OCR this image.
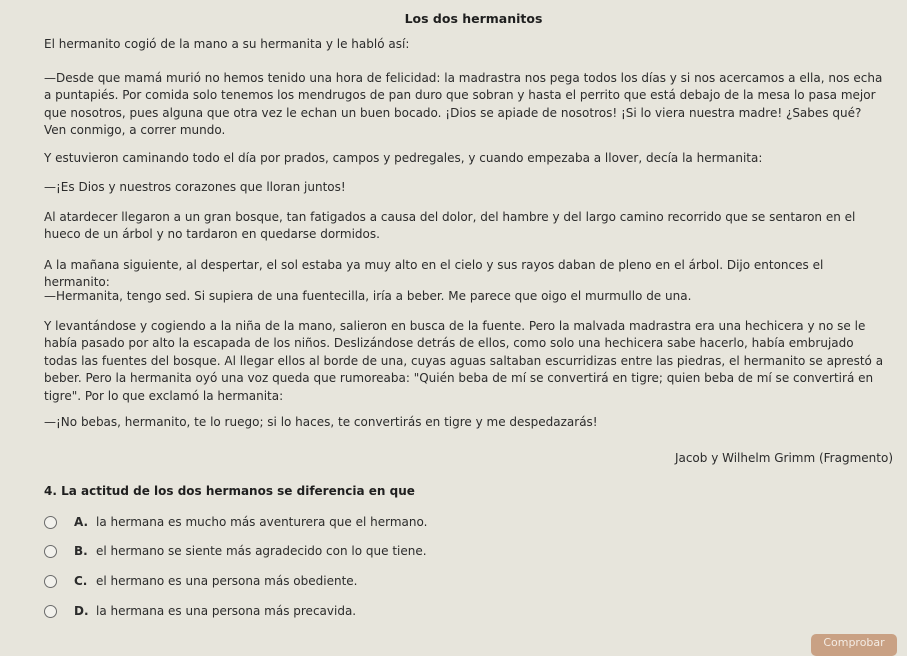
Los dos hermanitos

El hermanito cogió de la mano a su hermanita y le habló así:

—Desde que mamá murió no hemos tenido una hora de felicidad: la madrastra nos pega todos los días y si nos acercamos a ella, nos echa a puntapiés. Por comida solo tenemos los mendrugos de pan duro que sobran y hasta el perrito que está debajo de la mesa lo pasa mejor que nosotros, pues alguna que otra vez le echan un buen bocado. ¡Dios se apiade de nosotros! ¡Si lo viera nuestra madre! ¿Sabes qué? Ven conmigo, a correr mundo.

Y estuvieron caminando todo el día por prados, campos y pedregales, y cuando empezaba a llover, decía la hermanita:

—¡Es Dios y nuestros corazones que lloran juntos!

Al atardecer llegaron a un gran bosque, tan fatigados a causa del dolor, del hambre y del largo camino recorrido que se sentaron en el hueco de un árbol y no tardaron en quedarse dormidos.

A la mañana siguiente, al despertar, el sol estaba ya muy alto en el cielo y sus rayos daban de pleno en el árbol. Dijo entonces el hermanito:

—Hermanita, tengo sed. Si supiera de una fuentecilla, iría a beber. Me parece que oigo el murmullo de una.

Y levantándose y cogiendo a la niña de la mano, salieron en busca de la fuente. Pero la malvada madrastra era una hechicera y no se le había pasado por alto la escapada de los niños. Deslizándose detrás de ellos, como solo una hechicera sabe hacerlo, había embrujado todas las fuentes del bosque. Al llegar ellos al borde de una, cuyas aguas saltaban escurridizas entre las piedras, el hermanito se aprestó a beber. Pero la hermanita oyó una voz queda que rumoreaba: "Quién beba de mí se convertirá en tigre; quien beba de mí se convertirá en tigre". Por lo que exclamó la hermanita:

—¡No bebas, hermanito, te lo ruego; si lo haces, te convertirás en tigre y me despedazarás!

Jacob y Wilhelm Grimm (Fragmento)
4. La actitud de los dos hermanos se diferencia en que
A. la hermana es mucho más aventurera que el hermano.
B. el hermano se siente más agradecido con lo que tiene.
C. el hermano es una persona más obediente.
D. la hermana es una persona más precavida.
Comprobar
